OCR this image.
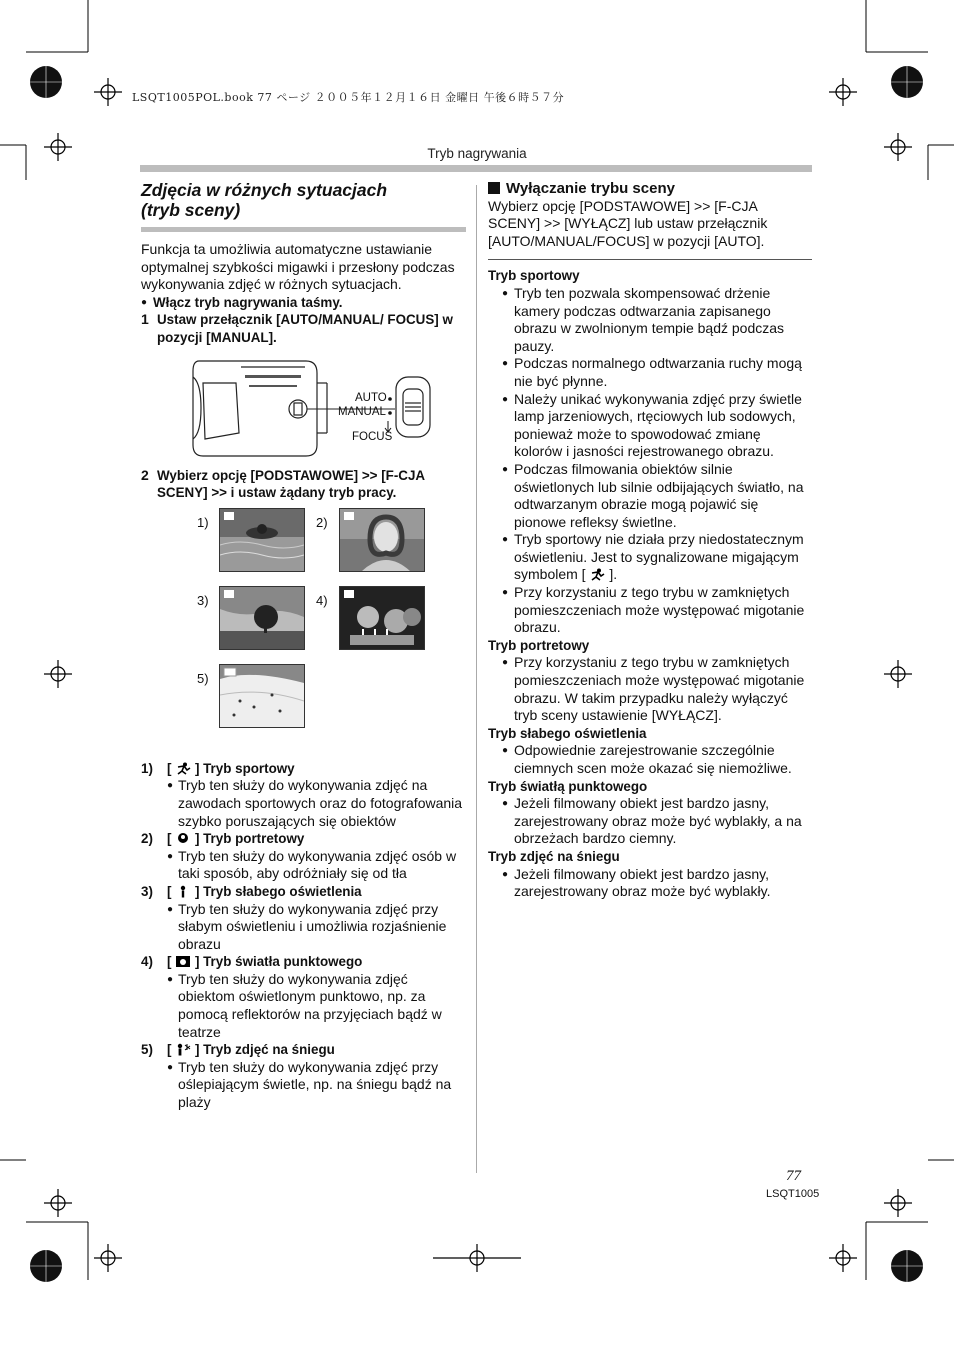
LSQT1005POL.book 77 ページ ２００５年１２月１６日 金曜日 午後６時５７分
Tryb nagrywania

Zdjęcia w różnych sytuacjach
(tryb sceny)

Funkcja ta umożliwia automatyczne ustawianie optymalnej szybkości migawki i przesłony podczas wykonywania zdjęć w różnych sytuacjach.

● Włącz tryb nagrywania taśmy.

1 Ustaw przełącznik [AUTO/MANUAL/ FOCUS] w pozycji [MANUAL].
AUTO
MANUAL
FOCUS
2 Wybierz opcję [PODSTAWOWE] >> [F-CJA SCENY] >> i ustaw żądany tryb pracy.
1)	2)
3)	4)
5)
1) [ ] Tryb sportowy
● Tryb ten służy do wykonywania zdjęć na zawodach sportowych oraz do fotografowania szybko poruszających się obiektów
2) [ ] Tryb portretowy
● Tryb ten służy do wykonywania zdjęć osób w taki sposób, aby odróżniały się od tła
3) [ ] Tryb słabego oświetlenia
● Tryb ten służy do wykonywania zdjęć przy słabym oświetleniu i umożliwia rozjaśnienie obrazu
4) [ ] Tryb światła punktowego
● Tryb ten służy do wykonywania zdjęć obiektom oświetlonym punktowo, np. za pomocą reflektorów na przyjęciach bądź w teatrze
5) [ ] Tryb zdjęć na śniegu
● Tryb ten służy do wykonywania zdjęć przy oślepiającym świetle, np. na śniegu bądź na plaży

Wyłączanie trybu sceny

Wybierz opcję [PODSTAWOWE] >> [F-CJA SCENY] >> [WYŁĄCZ] lub ustaw przełącznik [AUTO/MANUAL/FOCUS] w pozycji [AUTO].

Tryb sportowy
● Tryb ten pozwala skompensować drżenie kamery podczas odtwarzania zapisanego obrazu w zwolnionym tempie bądź podczas pauzy.
● Podczas normalnego odtwarzania ruchy mogą nie być płynne.
● Należy unikać wykonywania zdjęć przy świetle lamp jarzeniowych, rtęciowych lub sodowych, ponieważ może to spowodować zmianę kolorów i jasności rejestrowanego obrazu.
● Podczas filmowania obiektów silnie oświetlonych lub silnie odbijających światło, na odtwarzanym obrazie mogą pojawić się pionowe refleksy świetlne.
● Tryb sportowy nie działa przy niedostatecznym oświetleniu. Jest to sygnalizowane migającym symbolem [ ].
● Przy korzystaniu z tego trybu w zamkniętych pomieszczeniach może występować migotanie obrazu.
Tryb portretowy
● Przy korzystaniu z tego trybu w zamkniętych pomieszczeniach może występować migotanie obrazu. W takim przypadku należy wyłączyć tryb sceny ustawienie [WYŁĄCZ].
Tryb słabego oświetlenia
● Odpowiednie zarejestrowanie szczególnie ciemnych scen może okazać się niemożliwe.
Tryb światłą punktowego
● Jeżeli filmowany obiekt jest bardzo jasny, zarejestrowany obraz może być wyblakły, a na obrzeżach bardzo ciemny.
Tryb zdjęć na śniegu
● Jeżeli filmowany obiekt jest bardzo jasny, zarejestrowany obraz może być wyblakły.
77
LSQT1005
